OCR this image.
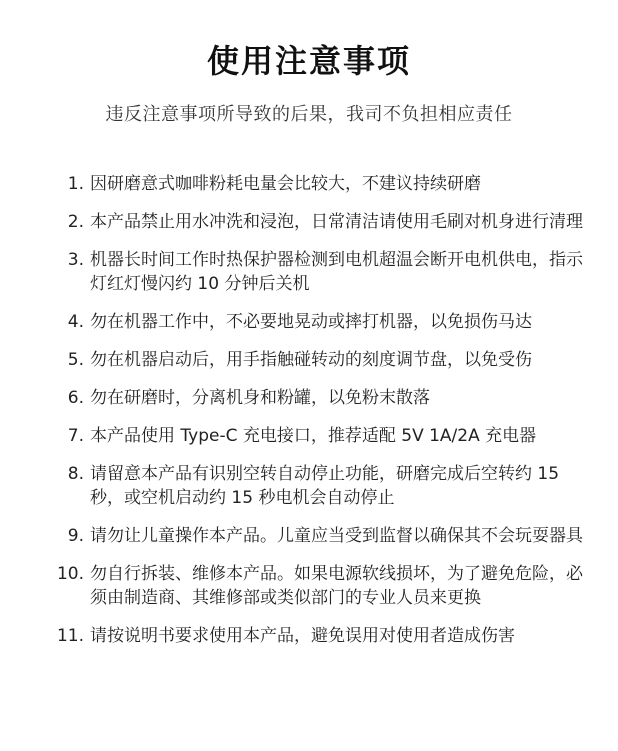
使用注意事项
违反注意事项所导致的后果，我司不负担相应责任
1. 因研磨意式咖啡粉耗电量会比较大，不建议持续研磨
2. 本产品禁止用水冲洗和浸泡，日常清洁请使用毛刷对机身进行清理
3. 机器长时间工作时热保护器检测到电机超温会断开电机供电，指示灯红灯慢闪约 10 分钟后关机
4. 勿在机器工作中，不必要地晃动或摔打机器，以免损伤马达
5. 勿在机器启动后，用手指触碰转动的刻度调节盘，以免受伤
6. 勿在研磨时，分离机身和粉罐，以免粉末散落
7. 本产品使用 Type-C 充电接口，推荐适配 5V 1A/2A 充电器
8. 请留意本产品有识别空转自动停止功能，研磨完成后空转约 15 秒，或空机启动约 15 秒电机会自动停止
9. 请勿让儿童操作本产品。儿童应当受到监督以确保其不会玩耍器具
10. 勿自行拆装、维修本产品。如果电源软线损坏，为了避免危险，必须由制造商、其维修部或类似部门的专业人员来更换
11. 请按说明书要求使用本产品，避免误用对使用者造成伤害
